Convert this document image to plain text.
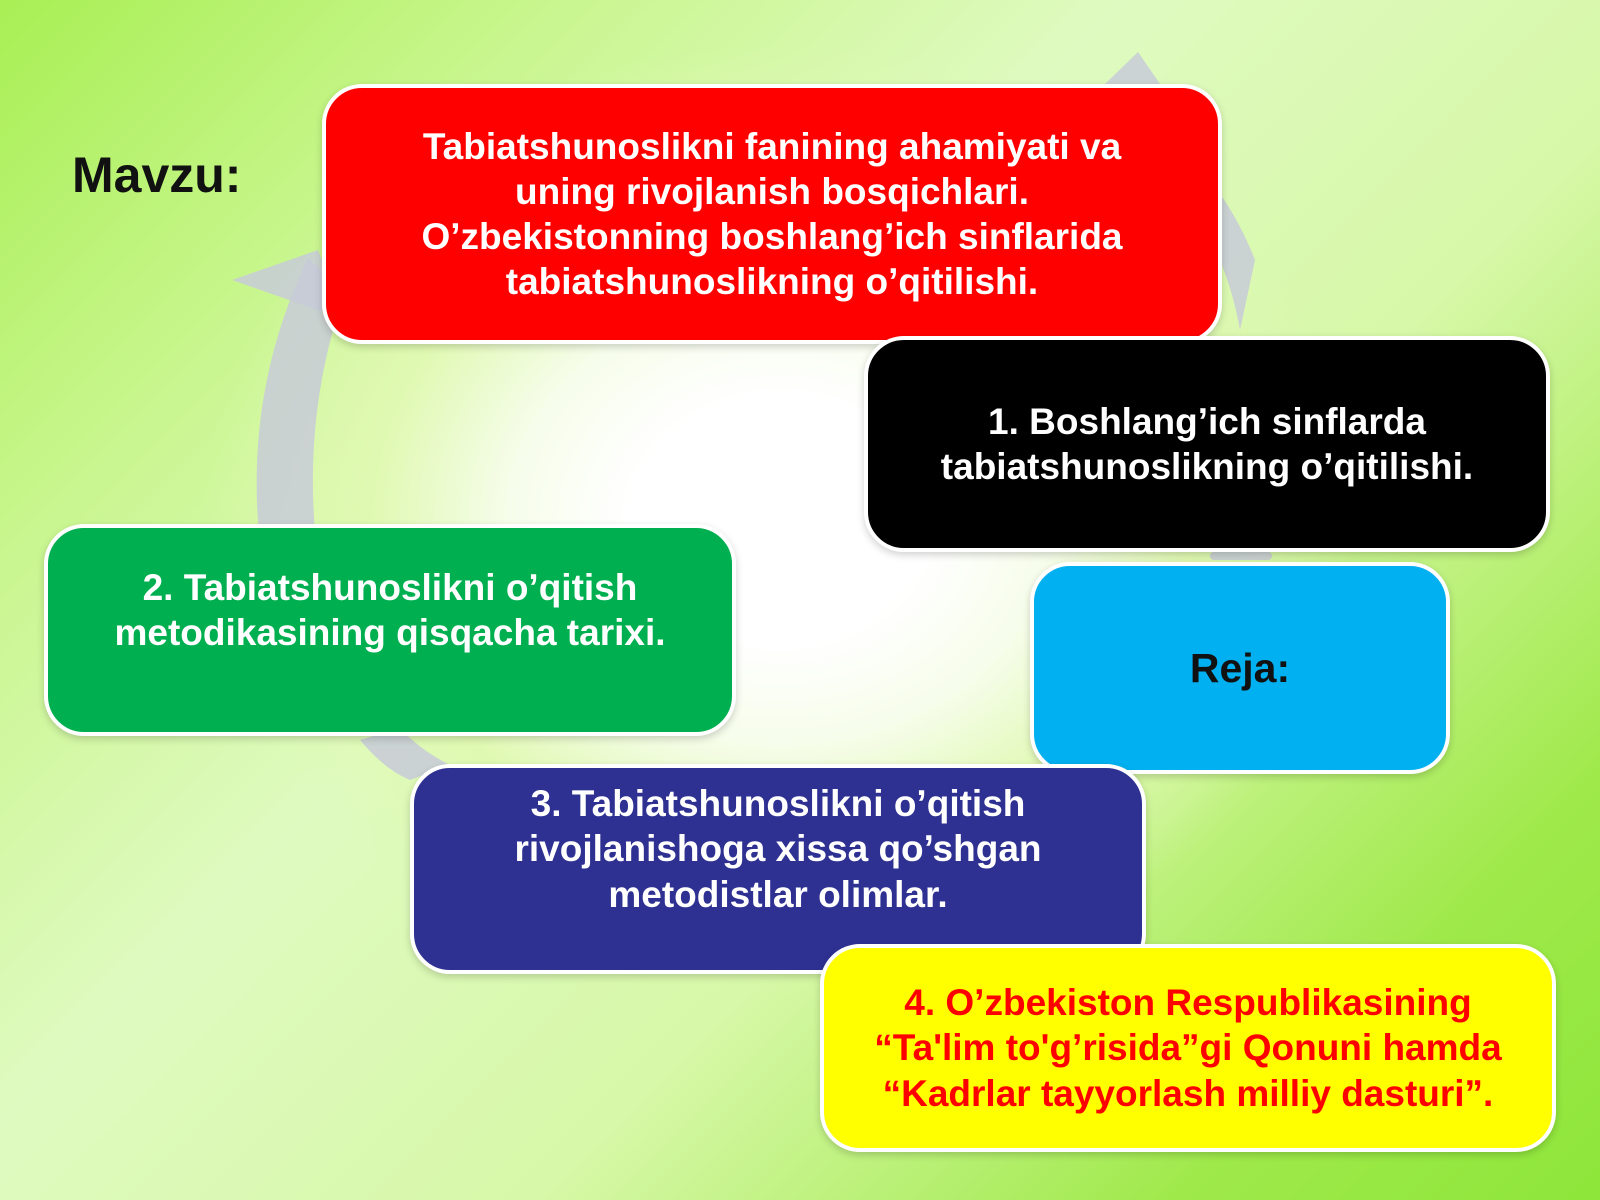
Mavzu:
Tabiatshunoslikni fanining ahamiyati va
uning rivojlanish bosqichlari.
O’zbekistonning boshlang’ich sinflarida
tabiatshunoslikning o’qitilishi.
1. Boshlang’ich sinflarda
tabiatshunoslikning o’qitilishi.
Reja:
2. Tabiatshunoslikni o’qitish
metodikasining qisqacha tarixi.
3. Tabiatshunoslikni o’qitish
rivojlanishoga xissa qo’shgan
metodistlar olimlar.
4. O’zbekiston Respublikasining
“Ta'lim to'g’risida”gi Qonuni hamda
“Kadrlar tayyorlash milliy dasturi”.
